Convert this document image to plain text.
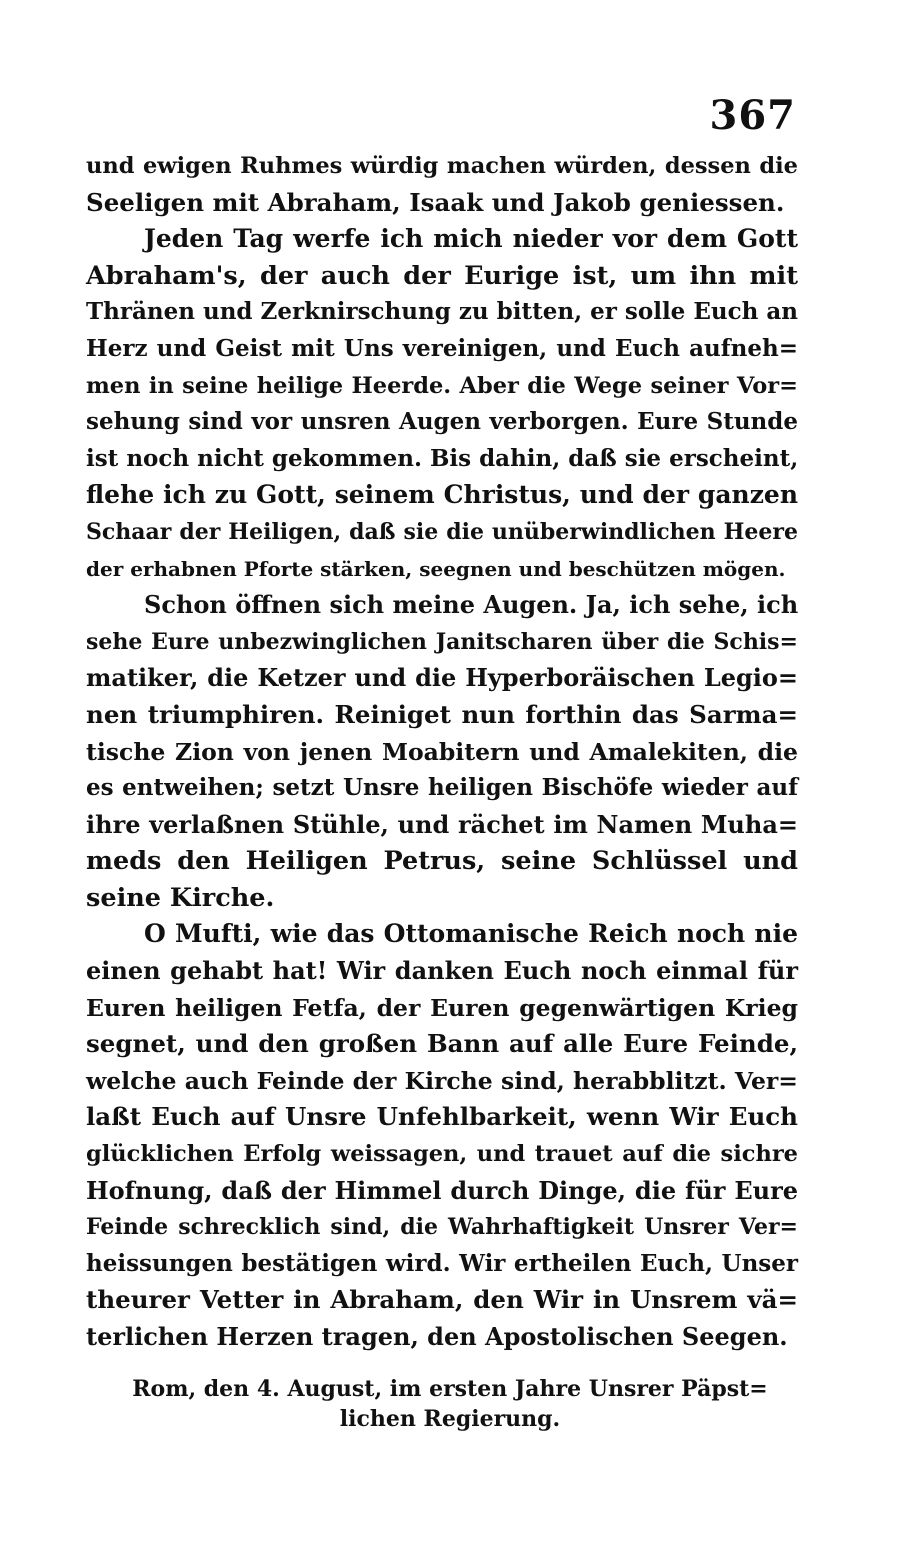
367
und ewigen Ruhmes würdig machen würden, dessen die
Seeligen mit Abraham, Isaak und Jakob geniessen.
Jeden Tag werfe ich mich nieder vor dem Gott
Abraham's, der auch der Eurige ist, um ihn mit
Thränen und Zerknirschung zu bitten, er solle Euch an
Herz und Geist mit Uns vereinigen, und Euch aufneh=
men in seine heilige Heerde. Aber die Wege seiner Vor=
sehung sind vor unsren Augen verborgen. Eure Stunde
ist noch nicht gekommen. Bis dahin, daß sie erscheint,
flehe ich zu Gott, seinem Christus, und der ganzen
Schaar der Heiligen, daß sie die unüberwindlichen Heere
der erhabnen Pforte stärken, seegnen und beschützen mögen.
Schon öffnen sich meine Augen. Ja, ich sehe, ich
sehe Eure unbezwinglichen Janitscharen über die Schis=
matiker, die Ketzer und die Hyperboräischen Legio=
nen triumphiren. Reiniget nun forthin das Sarma=
tische Zion von jenen Moabitern und Amalekiten, die
es entweihen; setzt Unsre heiligen Bischöfe wieder auf
ihre verlaßnen Stühle, und rächet im Namen Muha=
meds den Heiligen Petrus, seine Schlüssel und
seine Kirche.
O Mufti, wie das Ottomanische Reich noch nie
einen gehabt hat! Wir danken Euch noch einmal für
Euren heiligen Fetfa, der Euren gegenwärtigen Krieg
segnet, und den großen Bann auf alle Eure Feinde,
welche auch Feinde der Kirche sind, herabblitzt. Ver=
laßt Euch auf Unsre Unfehlbarkeit, wenn Wir Euch
glücklichen Erfolg weissagen, und trauet auf die sichre
Hofnung, daß der Himmel durch Dinge, die für Eure
Feinde schrecklich sind, die Wahrhaftigkeit Unsrer Ver=
heissungen bestätigen wird. Wir ertheilen Euch, Unser
theurer Vetter in Abraham, den Wir in Unsrem vä=
terlichen Herzen tragen, den Apostolischen Seegen.
Rom, den 4. August, im ersten Jahre Unsrer Päpst=
lichen Regierung.
